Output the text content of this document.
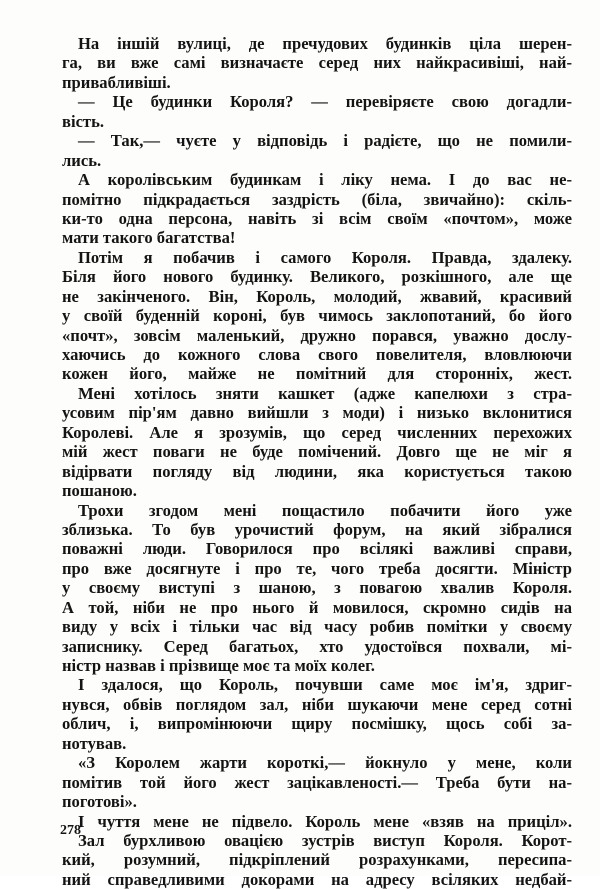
На іншій вулиці, де пречудових будинків ціла шерен-
га, ви вже самі визначаєте серед них найкрасивіші, най-
привабливіші.
— Це будинки Короля? — перевіряєте свою догадли-
вість.
— Так,— чуєте у відповідь і радієте, що не помили-
лись.
А королівським будинкам і ліку нема. І до вас не-
помітно підкрадається заздрість (біла, звичайно): скіль-
ки-то одна персона, навіть зі всім своїм «почтом», може
мати такого багатства!
Потім я побачив і самого Короля. Правда, здалеку.
Біля його нового будинку. Великого, розкішного, але ще
не закінченого. Він, Король, молодий, жвавий, красивий
у своїй буденній короні, був чимось заклопотаний, бо його
«почт», зовсім маленький, дружно порався, уважно дослу-
хаючись до кожного слова свого повелителя, вловлюючи
кожен його, майже не помітний для сторонніх, жест.
Мені хотілось зняти кашкет (адже капелюхи з стра-
усовим пір'ям давно вийшли з моди) і низько вклонитися
Королеві. Але я зрозумів, що серед численних перехожих
мій жест поваги не буде помічений. Довго ще не міг я
відірвати погляду від людини, яка користується такою
пошаною.
Трохи згодом мені пощастило побачити його уже
зблизька. То був урочистий форум, на який зібралися
поважні люди. Говорилося про всілякі важливі справи,
про вже досягнуте і про те, чого треба досягти. Міністр
у своєму виступі з шаною, з повагою хвалив Короля.
А той, ніби не про нього й мовилося, скромно сидів на
виду у всіх і тільки час від часу робив помітки у своєму
записнику. Серед багатьох, хто удостоївся похвали, мі-
ністр назвав і прізвище моє та моїх колег.
І здалося, що Король, почувши саме моє ім'я, здриг-
нувся, обвів поглядом зал, ніби шукаючи мене серед сотні
облич, і, випромінюючи щиру посмішку, щось собі за-
нотував.
«З Королем жарти короткі,— йокнуло у мене, коли
помітив той його жест зацікавленості.— Треба бути на-
поготові».
І чуття мене не підвело. Король мене «взяв на приціл».
Зал бурхливою овацією зустрів виступ Короля. Корот-
кий, розумний, підкріплений розрахунками, пересипа-
ний справедливими докорами на адресу всіляких недбай-
278
